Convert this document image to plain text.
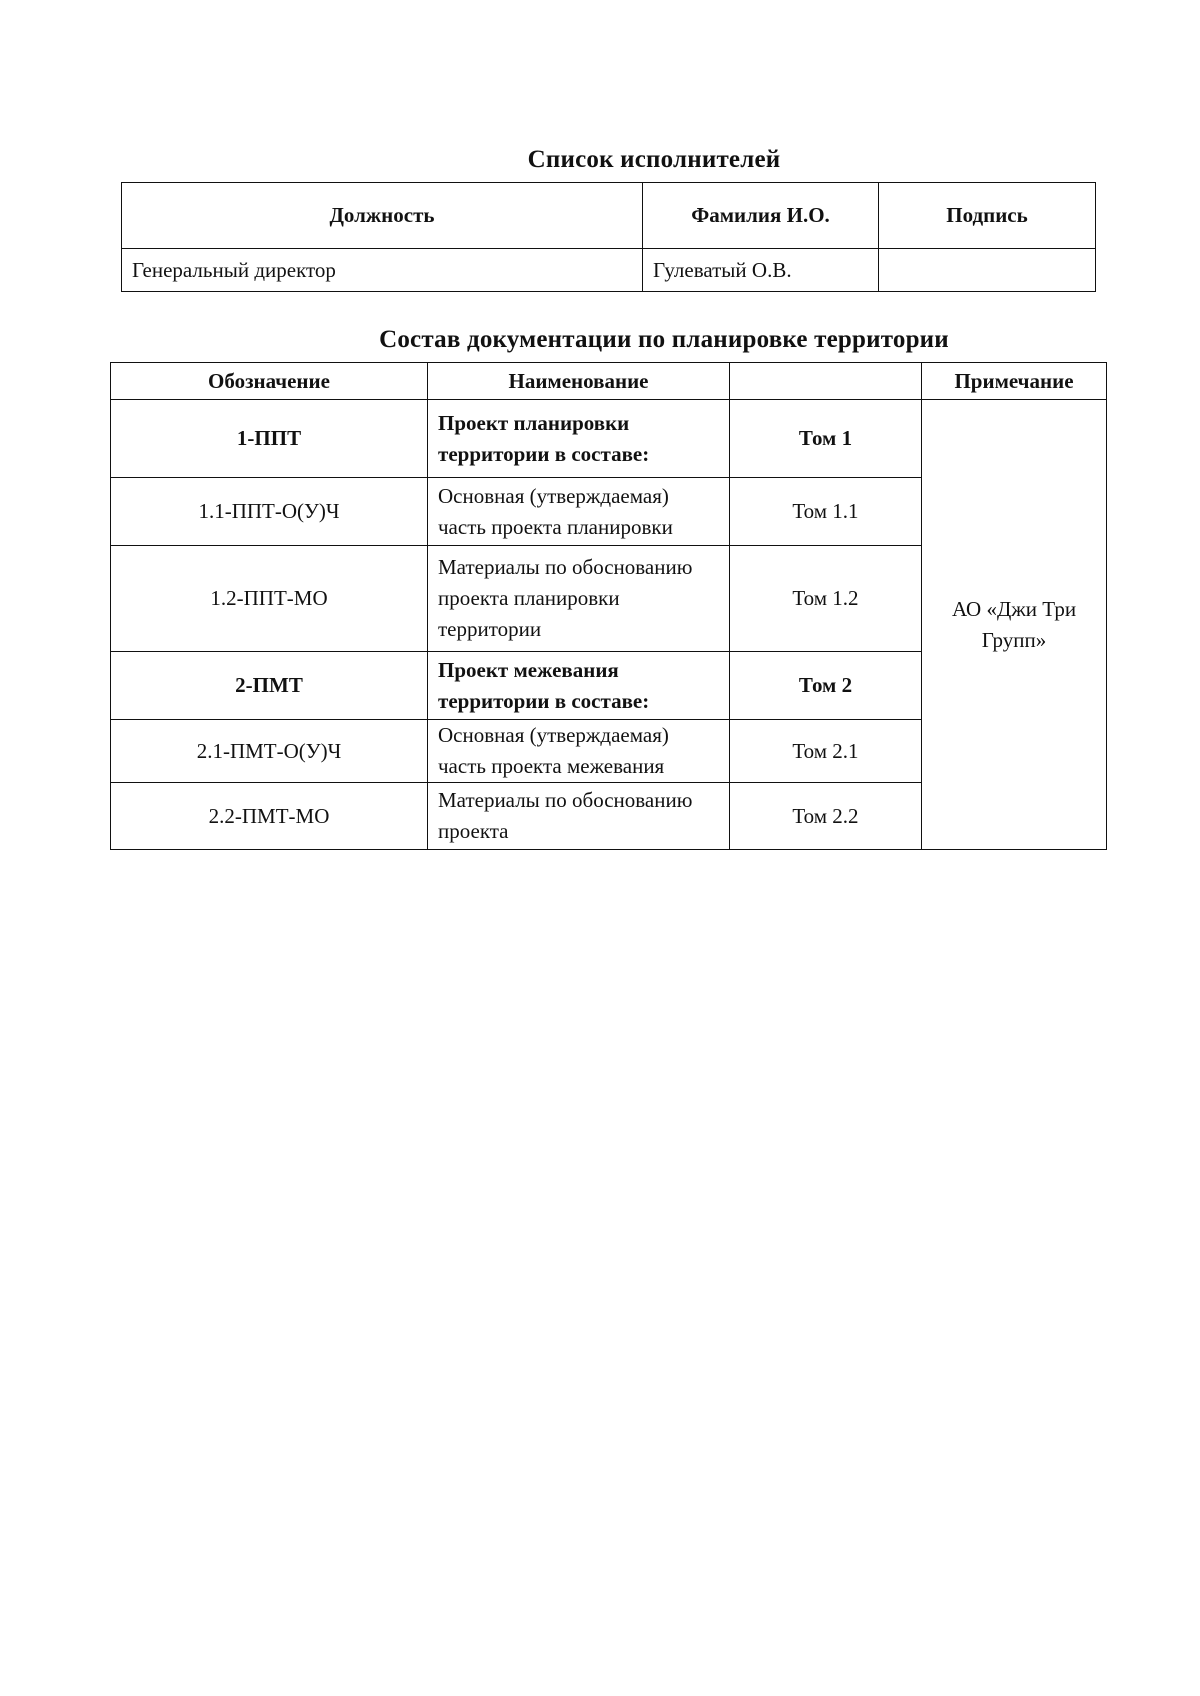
Список исполнителей
Должность	Фамилия И.О.	Подпись
Генеральный директор	Гулеватый О.В.	
Состав документации по планировке территории
Обозначение	Наименование		Примечание
1-ППТ	Проект планировки территории в составе:	Том 1	АО «Джи Три Групп»
1.1-ППТ-О(У)Ч	Основная (утверждаемая) часть проекта планировки	Том 1.1	
1.2-ППТ-МО	Материалы по обоснованию проекта планировки территории	Том 1.2	
2-ПМТ	Проект межевания территории в составе:	Том 2	
2.1-ПМТ-О(У)Ч	Основная (утверждаемая) часть проекта межевания	Том 2.1	
2.2-ПМТ-МО	Материалы по обоснованию проекта	Том 2.2	
